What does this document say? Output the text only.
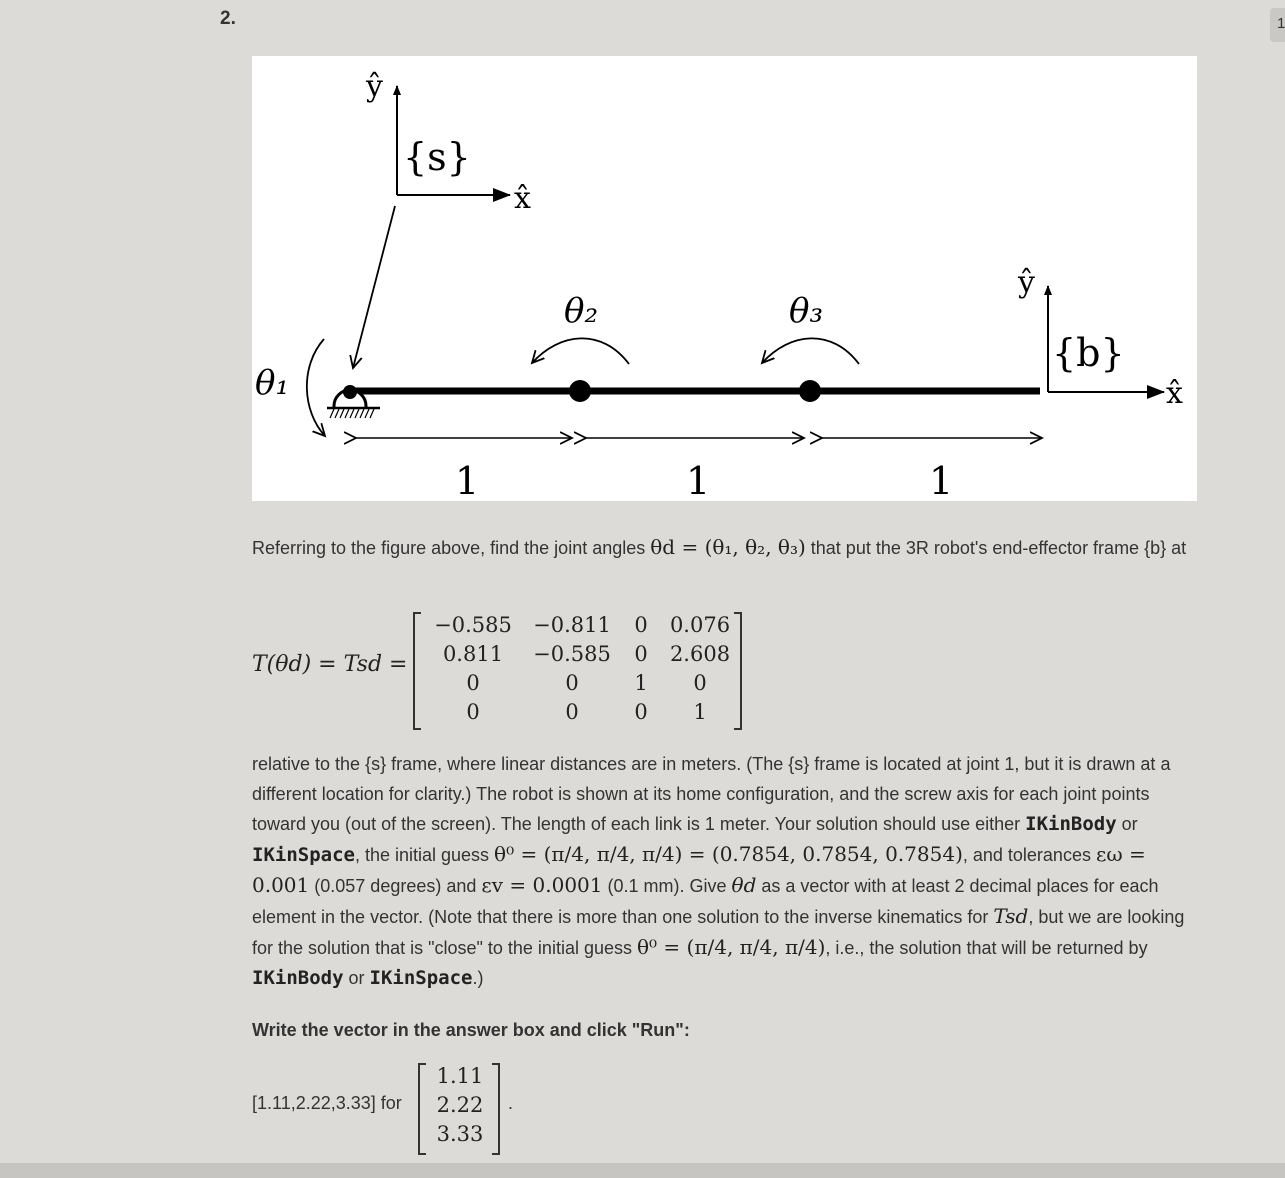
2.	1
ŷ
x̂
{s}
ŷ
x̂
{b}
θ₁
θ₂	θ₃
1	1	1
Referring to the figure above, find the joint angles θd = (θ₁, θ₂, θ₃) that put the 3R robot's end-effector frame {b} at
T(θd) = Tsd =
−0.585	−0.811	0	0.076
0.811	−0.585	0	2.608
0	0	1	0
0	0	0	1
relative to the {s} frame, where linear distances are in meters. (The {s} frame is located at joint 1, but it is drawn at a different location for clarity.) The robot is shown at its home configuration, and the screw axis for each joint points toward you (out of the screen). The length of each link is 1 meter. Your solution should use either IKinBody or IKinSpace, the initial guess θ⁰ = (π/4, π/4, π/4) = (0.7854, 0.7854, 0.7854), and tolerances εω = 0.001 (0.057 degrees) and εv = 0.0001 (0.1 mm). Give θd as a vector with at least 2 decimal places for each element in the vector. (Note that there is more than one solution to the inverse kinematics for Tsd, but we are looking for the solution that is "close" to the initial guess θ⁰ = (π/4, π/4, π/4), i.e., the solution that will be returned by IKinBody or IKinSpace.)
Write the vector in the answer box and click "Run":
[1.11,2.22,3.33] for
1.11
2.22
3.33
.
